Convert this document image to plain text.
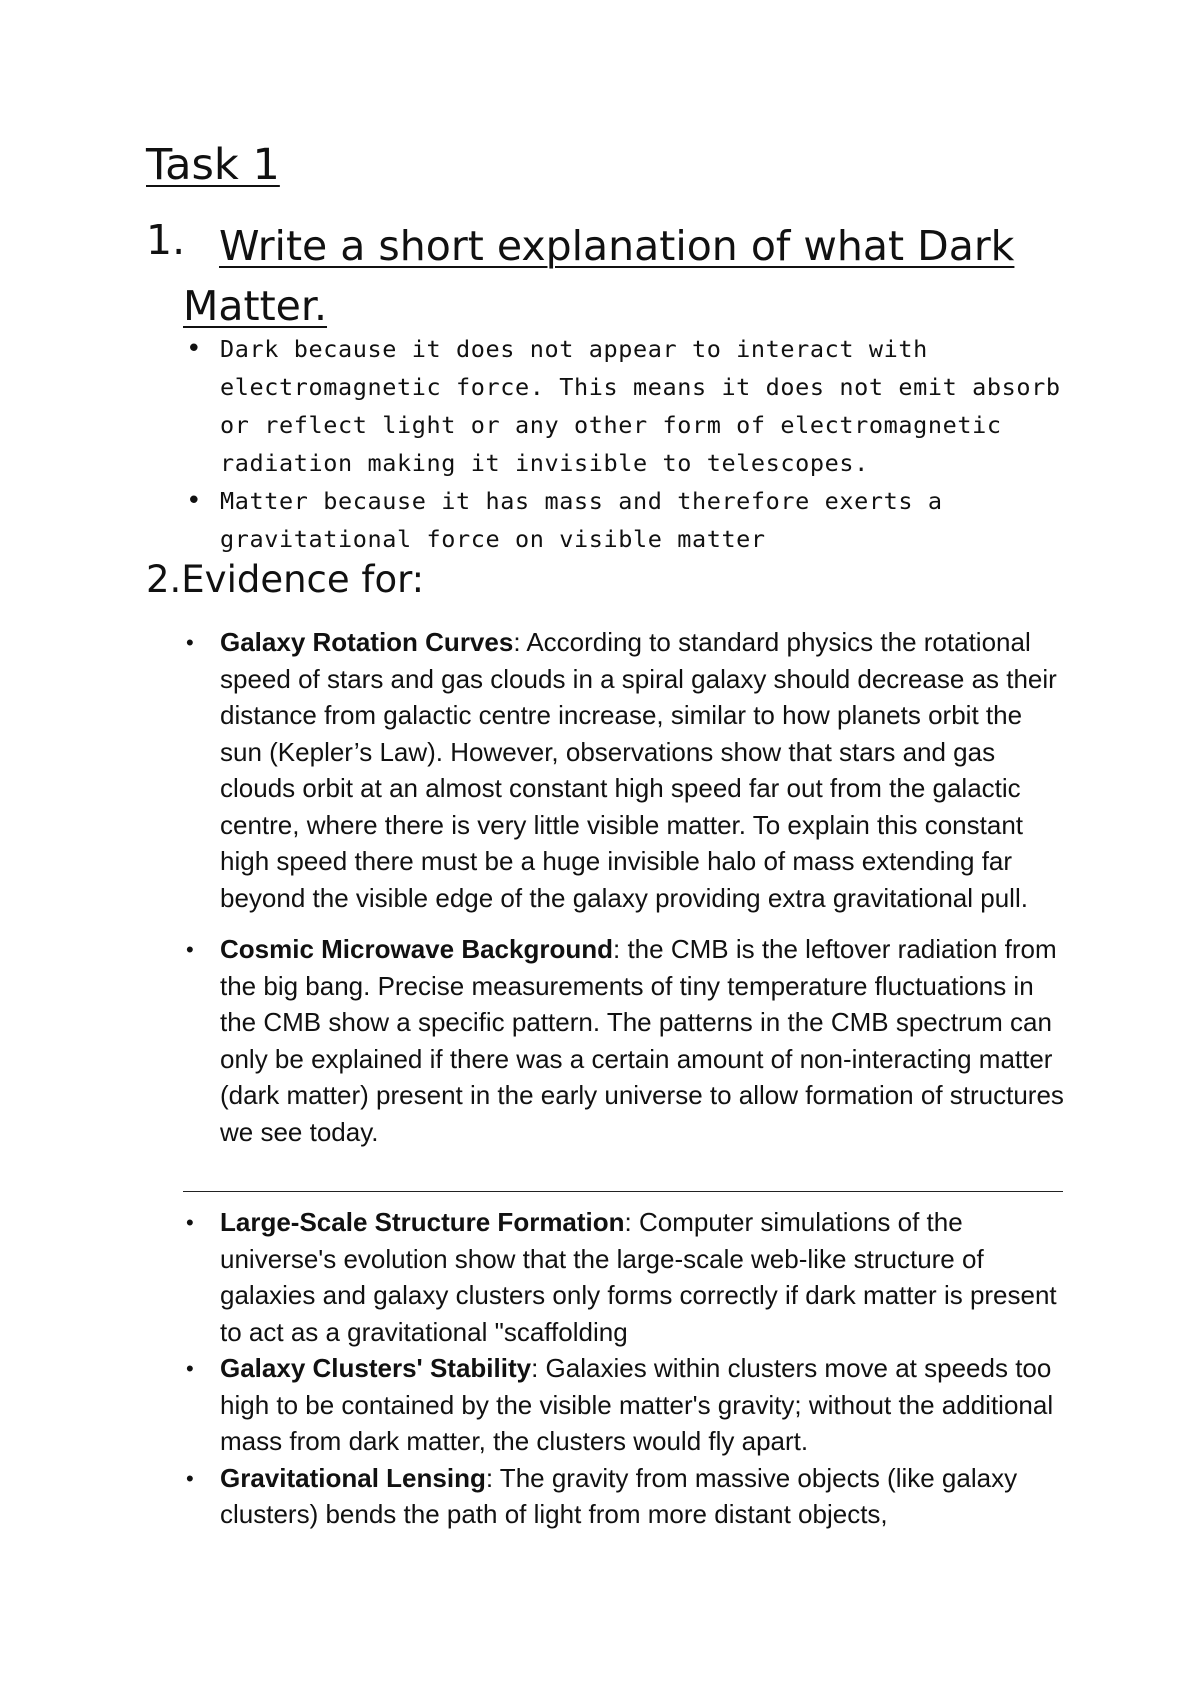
Task 1
1. Write a short explanation of what Dark Matter.
• Dark because it does not appear to interact with electromagnetic force. This means it does not emit absorb or reflect light or any other form of electromagnetic radiation making it invisible to telescopes.
• Matter because it has mass and therefore exerts a gravitational force on visible matter
2.Evidence for:
• Galaxy Rotation Curves: According to standard physics the rotational speed of stars and gas clouds in a spiral galaxy should decrease as their distance from galactic centre increase, similar to how planets orbit the sun (Kepler’s Law). However, observations show that stars and gas clouds orbit at an almost constant high speed far out from the galactic centre, where there is very little visible matter. To explain this constant high speed there must be a huge invisible halo of mass extending far beyond the visible edge of the galaxy providing extra gravitational pull.
• Cosmic Microwave Background: the CMB is the leftover radiation from the big bang. Precise measurements of tiny temperature fluctuations in the CMB show a specific pattern. The patterns in the CMB spectrum can only be explained if there was a certain amount of non-interacting matter (dark matter) present in the early universe to allow formation of structures we see today.
• Large-Scale Structure Formation: Computer simulations of the universe's evolution show that the large-scale web-like structure of galaxies and galaxy clusters only forms correctly if dark matter is present to act as a gravitational "scaffolding
• Galaxy Clusters' Stability: Galaxies within clusters move at speeds too high to be contained by the visible matter's gravity; without the additional mass from dark matter, the clusters would fly apart.
• Gravitational Lensing: The gravity from massive objects (like galaxy clusters) bends the path of light from more distant objects,
